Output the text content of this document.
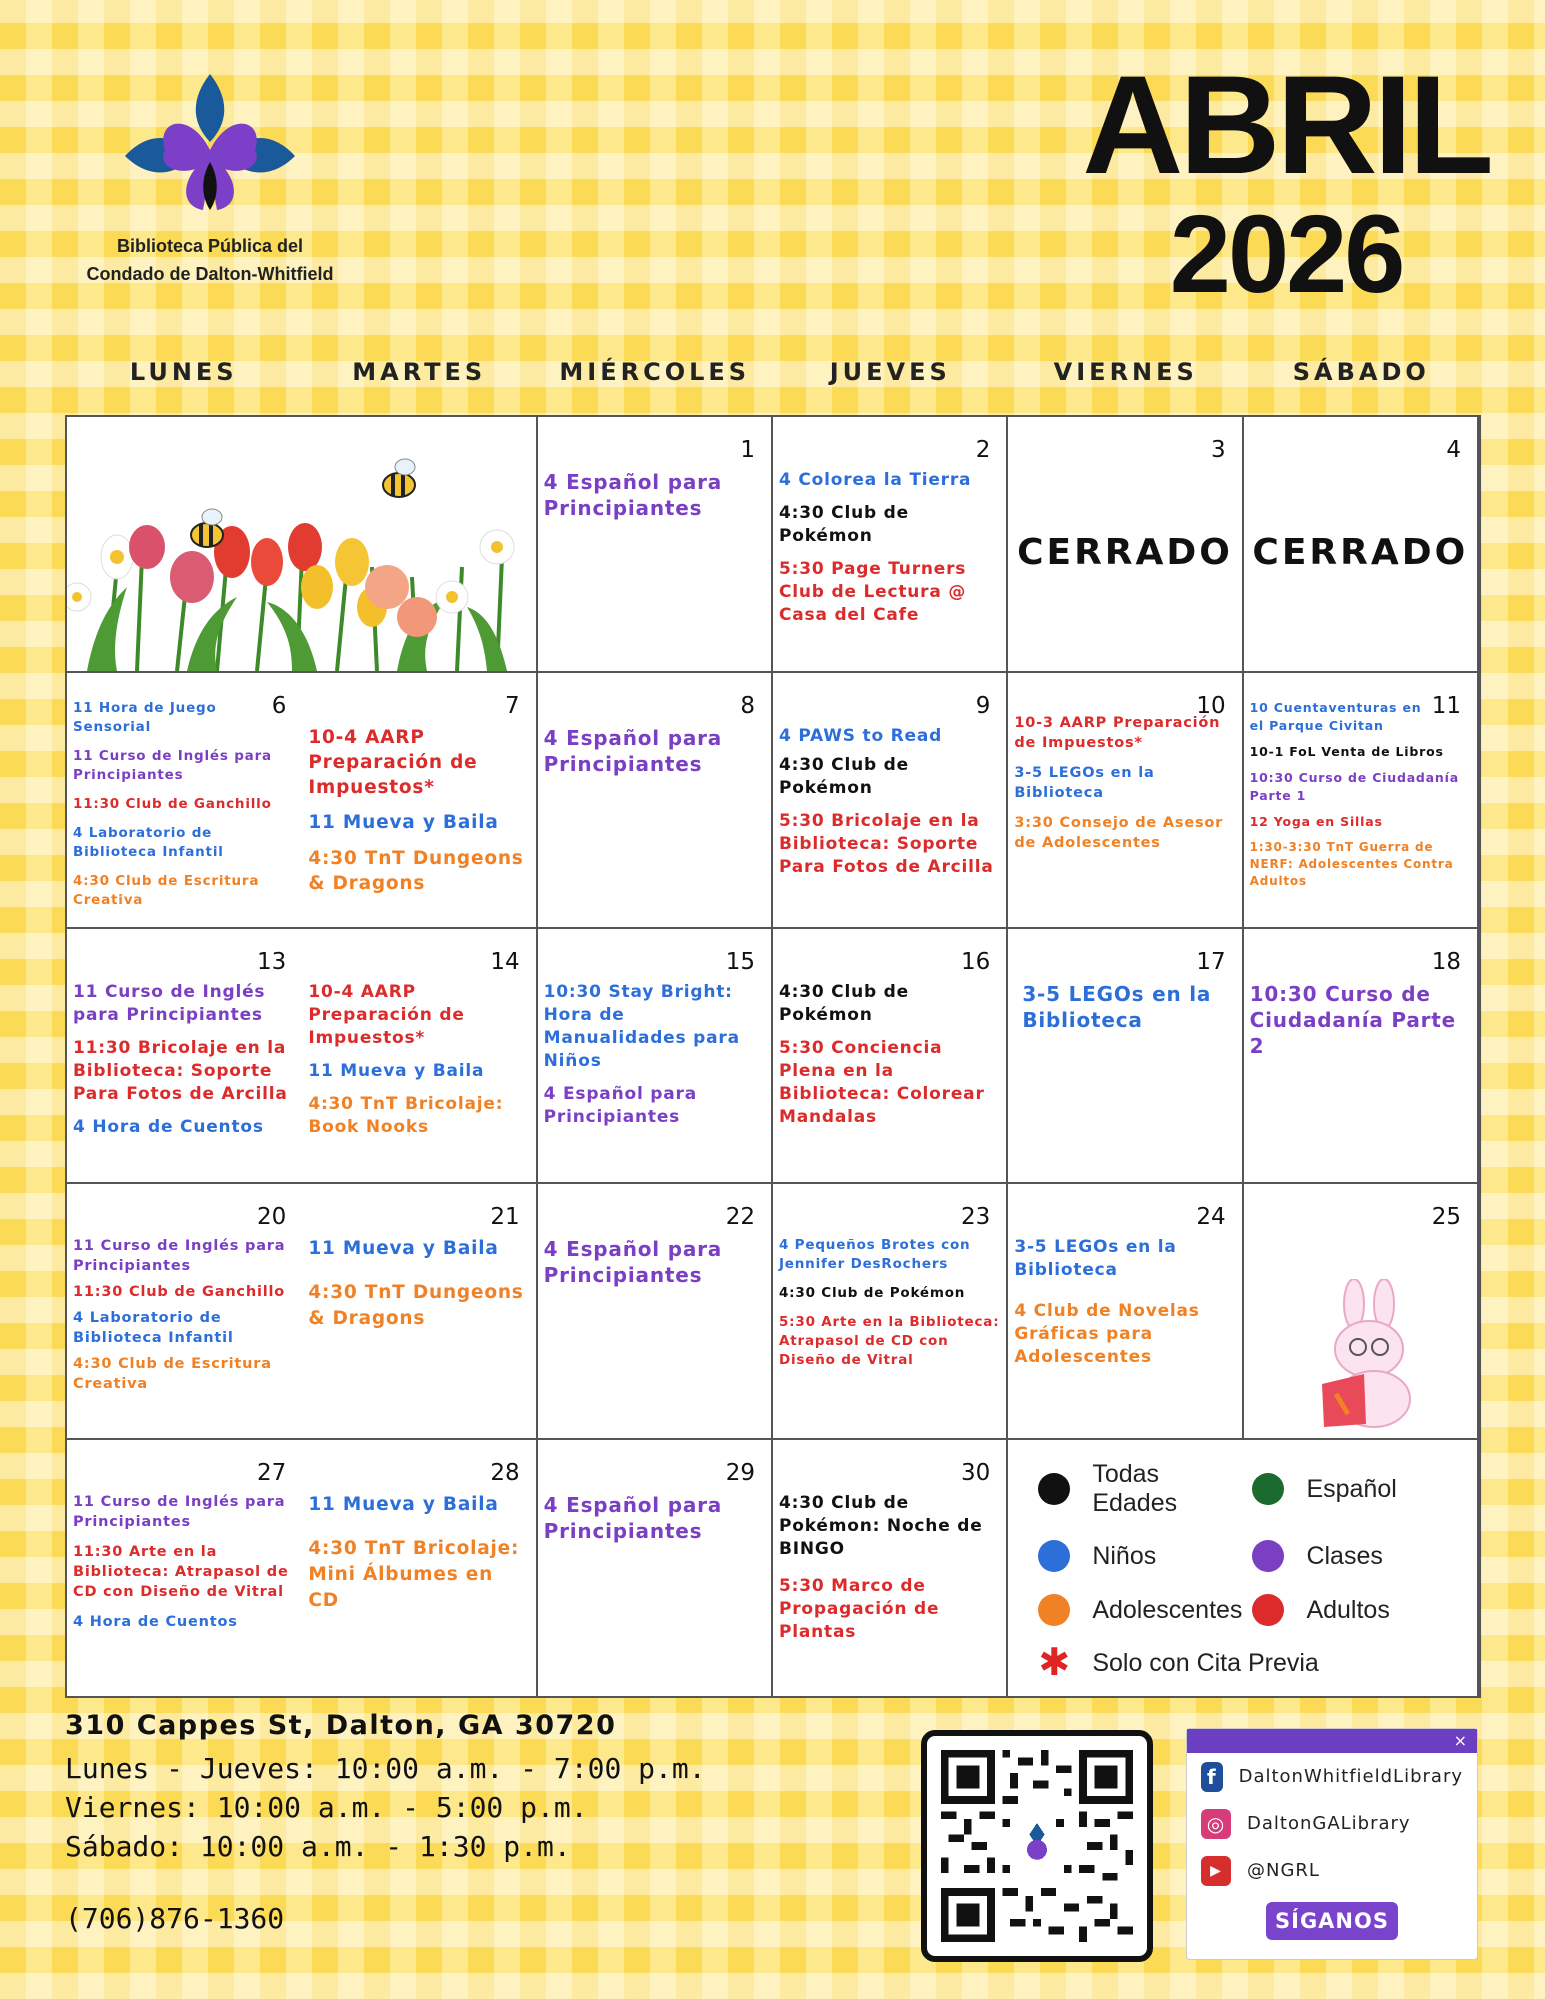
Biblioteca Pública del
Condado de Dalton-Whitfield
ABRIL
2026
LUNES	MARTES	MIÉRCOLES	JUEVES	VIERNES	SÁBADO
1
4 Español para Principiantes
2
4 Colorea la Tierra
4:30 Club de Pokémon
5:30 Page Turners Club de Lectura @ Casa del Cafe
3
CERRADO
4
CERRADO
6
11 Hora de Juego Sensorial
11 Curso de Inglés para Principiantes
11:30 Club de Ganchillo
4 Laboratorio de Biblioteca Infantil
4:30 Club de Escritura Creativa
7
10-4 AARP Preparación de Impuestos*
11 Mueva y Baila
4:30 TnT Dungeons & Dragons
8
4 Español para Principiantes
9
4 PAWS to Read
4:30 Club de Pokémon
5:30 Bricolaje en la Biblioteca: Soporte Para Fotos de Arcilla
10
10-3 AARP Preparación de Impuestos*
3-5 LEGOs en la Biblioteca
3:30 Consejo de Asesor de Adolescentes
11
10 Cuentaventuras en el Parque Civitan
10-1 FoL Venta de Libros
10:30 Curso de Ciudadanía Parte 1
12 Yoga en Sillas
1:30-3:30 TnT Guerra de NERF: Adolescentes Contra Adultos
13
11 Curso de Inglés para Principiantes
11:30 Bricolaje en la Biblioteca: Soporte Para Fotos de Arcilla
4 Hora de Cuentos
14
10-4 AARP Preparación de Impuestos*
11 Mueva y Baila
4:30 TnT Bricolaje: Book Nooks
15
10:30 Stay Bright: Hora de Manualidades para Niños
4 Español para Principiantes
16
4:30 Club de Pokémon
5:30 Conciencia Plena en la Biblioteca: Colorear Mandalas
17
3-5 LEGOs en la Biblioteca
18
10:30 Curso de Ciudadanía Parte 2
20
11 Curso de Inglés para Principiantes
11:30 Club de Ganchillo
4 Laboratorio de Biblioteca Infantil
4:30 Club de Escritura Creativa
21
11 Mueva y Baila
4:30 TnT Dungeons & Dragons
22
4 Español para Principiantes
23
4 Pequeños Brotes con Jennifer DesRochers
4:30 Club de Pokémon
5:30 Arte en la Biblioteca: Atrapasol de CD con Diseño de Vitral
24
3-5 LEGOs en la Biblioteca
4 Club de Novelas Gráficas para Adolescentes
25
27
11 Curso de Inglés para Principiantes
11:30 Arte en la Biblioteca: Atrapasol de CD con Diseño de Vitral
4 Hora de Cuentos
28
11 Mueva y Baila
4:30 TnT Bricolaje: Mini Álbumes en CD
29
4 Español para Principiantes
30
4:30 Club de Pokémon: Noche de BINGO
5:30 Marco de Propagación de Plantas
Todas Edades
Español
Niños	Clases
Adolescentes	Adultos
✱ Solo con Cita Previa
310 Cappes St, Dalton, GA 30720
Lunes - Jueves: 10:00 a.m. - 7:00 p.m.
Viernes: 10:00 a.m. - 5:00 p.m.
Sábado: 10:00 a.m. - 1:30 p.m.
(706)876-1360
×
f	DaltonWhitfieldLibrary
◎	DaltonGALibrary
▶	@NGRL
SÍGANOS
